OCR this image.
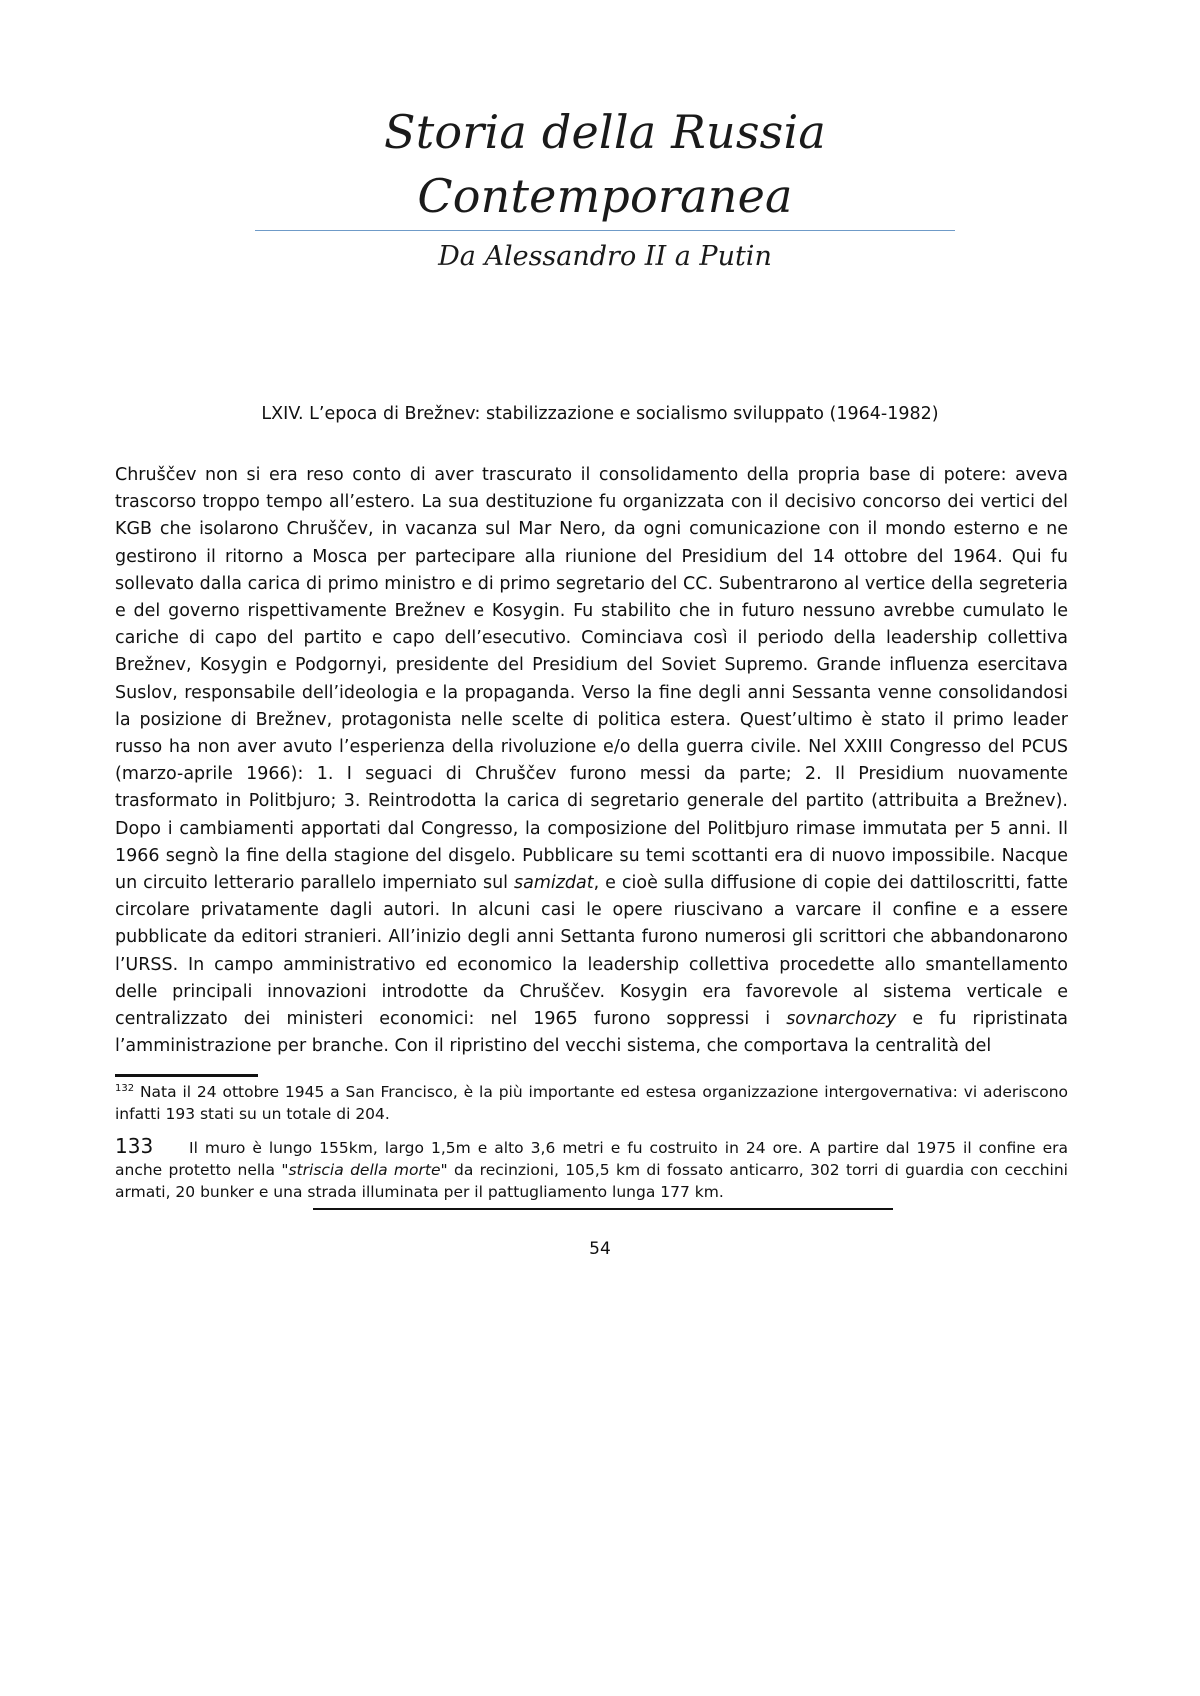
Storia della Russia
Contemporanea
Da Alessandro II a Putin
LXIV. L’epoca di Brežnev: stabilizzazione e socialismo sviluppato (1964-1982)

Chruščev non si era reso conto di aver trascurato il consolidamento della propria base di potere: aveva trascorso troppo tempo all’estero. La sua destituzione fu organizzata con il decisivo concorso dei vertici del KGB che isolarono Chruščev, in vacanza sul Mar Nero, da ogni comunicazione con il mondo esterno e ne gestirono il ritorno a Mosca per partecipare alla riunione del Presidium del 14 ottobre del 1964. Qui fu sollevato dalla carica di primo ministro e di primo segretario del CC. Subentrarono al vertice della segreteria e del governo rispettivamente Brežnev e Kosygin. Fu stabilito che in futuro nessuno avrebbe cumulato le cariche di capo del partito e capo dell’esecutivo. Cominciava così il periodo della leadership collettiva Brežnev, Kosygin e Podgornyi, presidente del Presidium del Soviet Supremo. Grande influenza esercitava Suslov, responsabile dell’ideologia e la propaganda. Verso la fine degli anni Sessanta venne consolidandosi la posizione di Brežnev, protagonista nelle scelte di politica estera. Quest’ultimo è stato il primo leader russo ha non aver avuto l’esperienza della rivoluzione e/o della guerra civile. Nel XXIII Congresso del PCUS (marzo-aprile 1966): 1. I seguaci di Chruščev furono messi da parte; 2. Il Presidium nuovamente trasformato in Politbjuro; 3. Reintrodotta la carica di segretario generale del partito (attribuita a Brežnev). Dopo i cambiamenti apportati dal Congresso, la composizione del Politbjuro rimase immutata per 5 anni. Il 1966 segnò la fine della stagione del disgelo. Pubblicare su temi scottanti era di nuovo impossibile. Nacque un circuito letterario parallelo imperniato sul samizdat, e cioè sulla diffusione di copie dei dattiloscritti, fatte circolare privatamente dagli autori. In alcuni casi le opere riuscivano a varcare il confine e a essere pubblicate da editori stranieri. All’inizio degli anni Settanta furono numerosi gli scrittori che abbandonarono l’URSS. In campo amministrativo ed economico la leadership collettiva procedette allo smantellamento delle principali innovazioni introdotte da Chruščev. Kosygin era favorevole al sistema verticale e centralizzato dei ministeri economici: nel 1965 furono soppressi i sovnarchozy e fu ripristinata l’amministrazione per branche. Con il ripristino del vecchi sistema, che comportava la centralità del

$^{132}$ Nata il 24 ottobre 1945 a San Francisco, è la più importante ed estesa organizzazione intergovernativa: vi aderiscono infatti 193 stati su un totale di 204.
133 Il muro è lungo 155km, largo 1,5m e alto 3,6 metri e fu costruito in 24 ore. A partire dal 1975 il confine era anche protetto nella "striscia della morte" da recinzioni, 105,5 km di fossato anticarro, 302 torri di guardia con cecchini armati, 20 bunker e una strada illuminata per il pattugliamento lunga 177 km.
54
